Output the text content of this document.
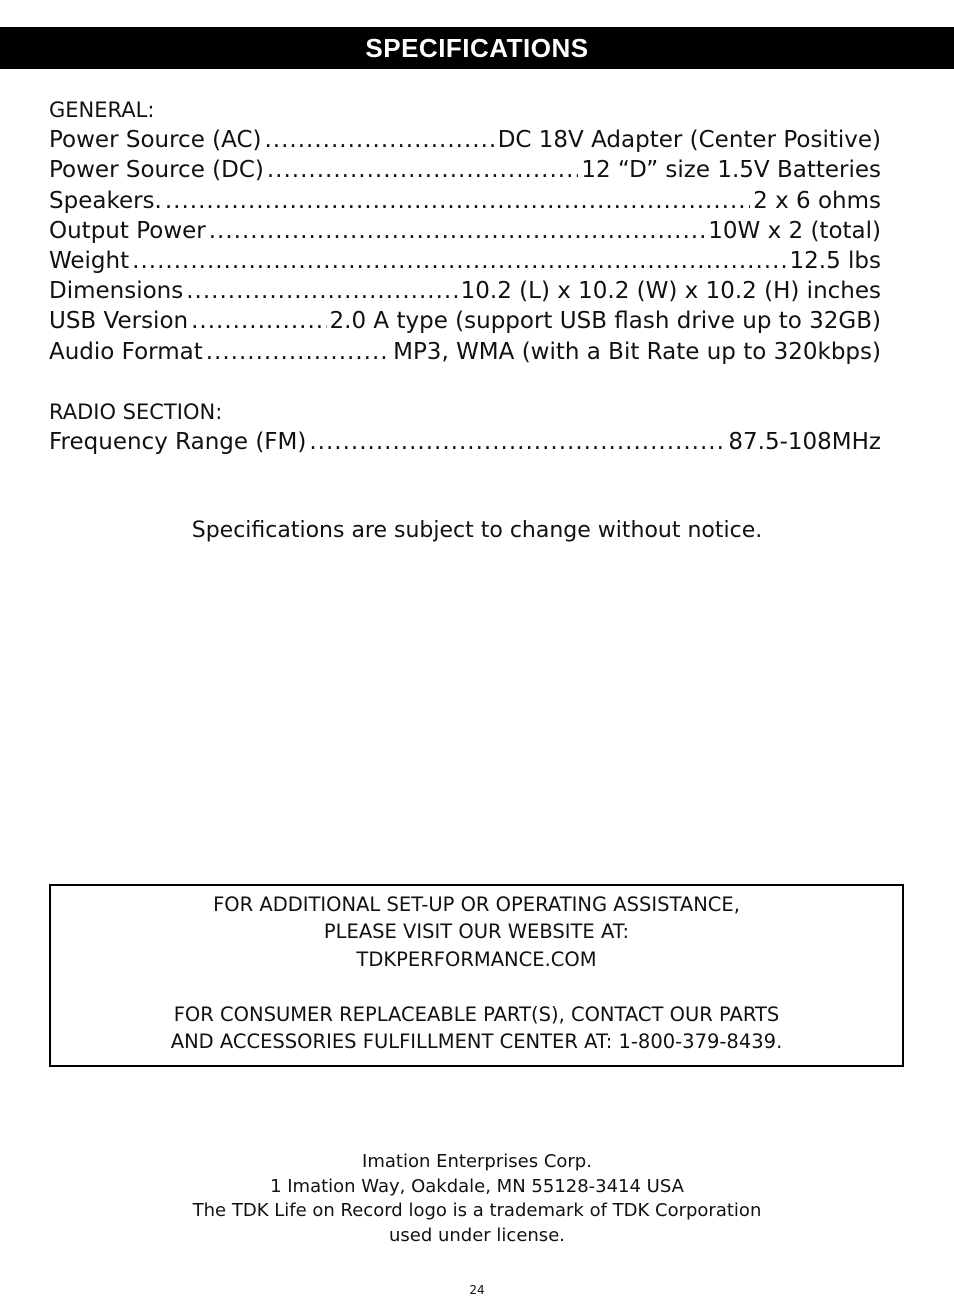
SPECIFICATIONS
GENERAL:
Power Source (AC) .....	DC 18V Adapter (Center Positive)
Power Source (DC) .....	12 “D” size 1.5V Batteries
Speakers. .....	2 x 6 ohms
Output Power .....	10W x 2 (total)
Weight .....	12.5 lbs
Dimensions .....	10.2 (L) x 10.2 (W) x 10.2 (H) inches
USB Version .....	2.0 A type (support USB flash drive up to 32GB)
Audio Format .....	MP3, WMA (with a Bit Rate up to 320kbps)
RADIO SECTION:
Frequency Range (FM) .....	87.5-108MHz
Specifications are subject to change without notice.
FOR ADDITIONAL SET-UP OR OPERATING ASSISTANCE,
PLEASE VISIT OUR WEBSITE AT:
TDKPERFORMANCE.COM
FOR CONSUMER REPLACEABLE PART(S), CONTACT OUR PARTS
AND ACCESSORIES FULFILLMENT CENTER AT: 1-800-379-8439.
Imation Enterprises Corp.
1 Imation Way, Oakdale, MN 55128-3414 USA
The TDK Life on Record logo is a trademark of TDK Corporation
used under license.
24
